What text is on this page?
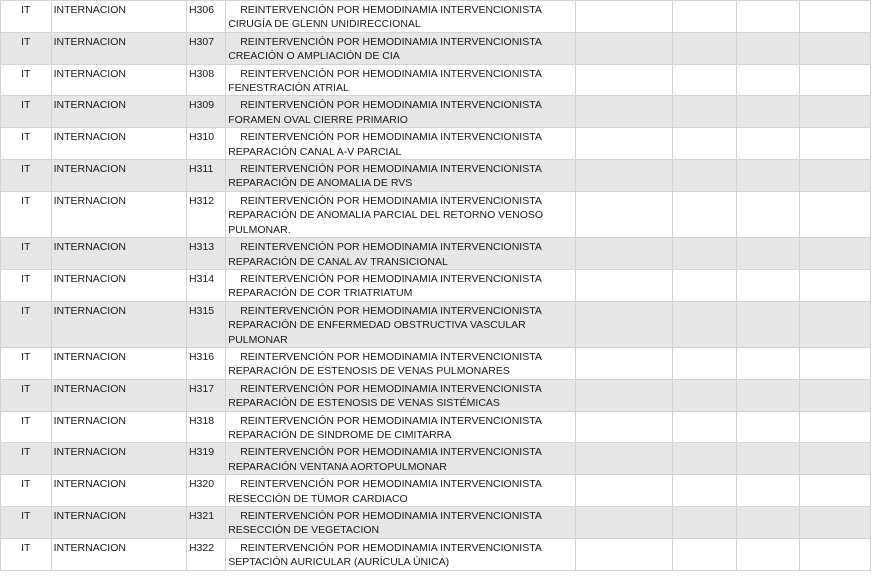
IT	INTERNACION	H306	REINTERVENCIÓN POR HEMODINAMIA INTERVENCIONISTA
CIRUGÍA DE GLENN UNIDIRECCIONAL				

IT	INTERNACION	H307	REINTERVENCIÓN POR HEMODINAMIA INTERVENCIONISTA
CREACIÓN O AMPLIACIÓN DE CIA				

IT	INTERNACION	H308	REINTERVENCIÓN POR HEMODINAMIA INTERVENCIONISTA
FENESTRACIÓN ATRIAL				

IT	INTERNACION	H309	REINTERVENCIÓN POR HEMODINAMIA INTERVENCIONISTA
FORAMEN OVAL CIERRE PRIMARIO				

IT	INTERNACION	H310	REINTERVENCIÓN POR HEMODINAMIA INTERVENCIONISTA
REPARACIÓN CANAL A-V PARCIAL				

IT	INTERNACION	H311	REINTERVENCIÓN POR HEMODINAMIA INTERVENCIONISTA
REPARACIÓN DE ANOMALIA DE RVS				

IT	INTERNACION	H312	REINTERVENCIÓN POR HEMODINAMIA INTERVENCIONISTA
REPARACIÓN DE ANOMALIA PARCIAL DEL RETORNO VENOSO
PULMONAR.				

IT	INTERNACION	H313	REINTERVENCIÓN POR HEMODINAMIA INTERVENCIONISTA
REPARACIÓN DE CANAL AV TRANSICIONAL				

IT	INTERNACION	H314	REINTERVENCIÓN POR HEMODINAMIA INTERVENCIONISTA
REPARACIÓN DE COR TRIATRIATUM				

IT	INTERNACION	H315	REINTERVENCIÓN POR HEMODINAMIA INTERVENCIONISTA
REPARACIÓN DE ENFERMEDAD OBSTRUCTIVA VASCULAR
PULMONAR				

IT	INTERNACION	H316	REINTERVENCIÓN POR HEMODINAMIA INTERVENCIONISTA
REPARACIÓN DE ESTENOSIS DE VENAS PULMONARES				

IT	INTERNACION	H317	REINTERVENCIÓN POR HEMODINAMIA INTERVENCIONISTA
REPARACIÒN DE ESTENOSIS DE VENAS SISTÉMICAS				

IT	INTERNACION	H318	REINTERVENCIÓN POR HEMODINAMIA INTERVENCIONISTA
REPARACIÓN DE SINDROME DE CIMITARRA				

IT	INTERNACION	H319	REINTERVENCIÓN POR HEMODINAMIA INTERVENCIONISTA
REPARACIÓN VENTANA AORTOPULMONAR				

IT	INTERNACION	H320	REINTERVENCIÓN POR HEMODINAMIA INTERVENCIONISTA
RESECCIÓN DE TUMOR CARDIACO				

IT	INTERNACION	H321	REINTERVENCIÓN POR HEMODINAMIA INTERVENCIONISTA
RESECCIÓN DE VEGETACION				

IT	INTERNACION	H322	REINTERVENCIÓN POR HEMODINAMIA INTERVENCIONISTA
SEPTACIÓN AURICULAR (AURÍCULA ÚNICA)				
